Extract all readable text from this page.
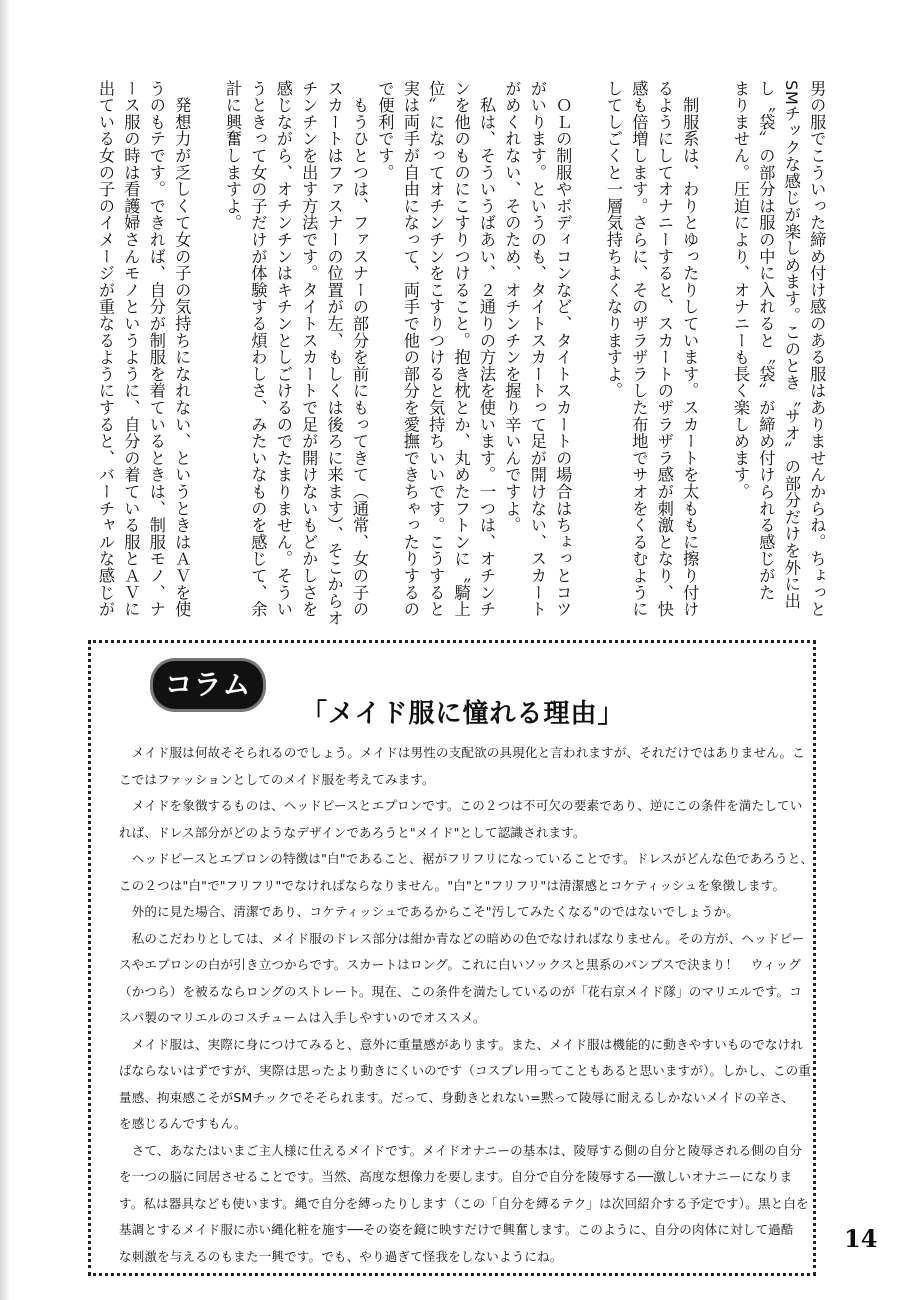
男の服でこういった締め付け感のある服はありませんからね。ちょっと
SMチックな感じが楽しめます。このとき〝サオ〟の部分だけを外に出
し〝袋〟の部分は服の中に入れると〝袋〟が締め付けられる感じがた
まりません。圧迫により、オナニーも長く楽しめます。
　制服系は、わりとゆったりしています。スカートを太ももに擦り付け
るようにしてオナニーすると、スカートのザラザラ感が刺激となり、快
感も倍増します。さらに、そのザラザラした布地でサオをくるむように
してしごくと一層気持ちよくなりますよ。
　ＯＬの制服やボディコンなど、タイトスカートの場合はちょっとコツ
がいります。というのも、タイトスカートって足が開けない、スカート
がめくれない、そのため、オチンチンを握り辛いんですよ。
　私は、そういうばあい、２通りの方法を使います。一つは、オチンチ
ンを他のものにこすりつけること。抱き枕とか、丸めたフトンに〝騎上
位〟になってオチンチンをこすりつけると気持ちいいです。こうすると
実は両手が自由になって、両手で他の部分を愛撫できちゃったりするの
で便利です。
　もうひとつは、ファスナーの部分を前にもってきて（通常、女の子の
スカートはファスナーの位置が左、もしくは後ろに来ます）、そこからオ
チンチンを出す方法です。タイトスカートで足が開けないもどかしさを
感じながら、オチンチンはキチンとしごけるのでたまりません。そうい
うときって女の子だけが体験する煩わしさ、みたいなものを感じて、余
計に興奮しますよ。
　発想力が乏しくて女の子の気持ちになれない、というときはＡＶを使
うのもテです。できれば、自分が制服を着ているときは、制服モノ、ナ
ース服の時は看護婦さんモノというように、自分の着ている服とＡＶに
出ている女の子のイメージが重なるようにすると、バーチャルな感じが
コラム
「メイド服に憧れる理由」
　メイド服は何故そそられるのでしょう。メイドは男性の支配欲の具現化と言われますが、それだけではありません。こ
こではファッションとしてのメイド服を考えてみます。
　メイドを象徴するものは、ヘッドピースとエプロンです。この２つは不可欠の要素であり、逆にこの条件を満たしてい
れば、ドレス部分がどのようなデザインであろうと"メイド"として認識されます。
　ヘッドピースとエプロンの特徴は"白"であること、裾がフリフリになっていることです。ドレスがどんな色であろうと、
この２つは"白"で"フリフリ"でなければならなりません。"白"と"フリフリ"は清潔感とコケティッシュを象徴します。
　外的に見た場合、清潔であり、コケティッシュであるからこそ"汚してみたくなる"のではないでしょうか。
　私のこだわりとしては、メイド服のドレス部分は紺か青などの暗めの色でなければなりません。その方が、ヘッドピー
スやエプロンの白が引き立つからです。スカートはロング。これに白いソックスと黒系のパンプスで決まり！　ウィッグ
（かつら）を被るならロングのストレート。現在、この条件を満たしているのが「花右京メイド隊」のマリエルです。コ
スパ製のマリエルのコスチュームは入手しやすいのでオススメ。
　メイド服は、実際に身につけてみると、意外に重量感があります。また、メイド服は機能的に動きやすいものでなけれ
ばならないはずですが、実際は思ったより動きにくいのです（コスプレ用ってこともあると思いますが）。しかし、この重
量感、拘束感こそがSMチックでそそられます。だって、身動きとれない=黙って陵辱に耐えるしかないメイドの辛さ、
を感じるんですもん。
　さて、あなたはいまご主人様に仕えるメイドです。メイドオナニーの基本は、陵辱する側の自分と陵辱される側の自分
を一つの脳に同居させることです。当然、高度な想像力を要します。自分で自分を陵辱する──激しいオナニーになりま
す。私は器具なども使います。縄で自分を縛ったりします（この「自分を縛るテク」は次回紹介する予定です）。黒と白を
基調とするメイド服に赤い縄化粧を施す──その姿を鏡に映すだけで興奮します。このように、自分の肉体に対して過酷
な刺激を与えるのもまた一興です。でも、やり過ぎて怪我をしないようにね。
14
